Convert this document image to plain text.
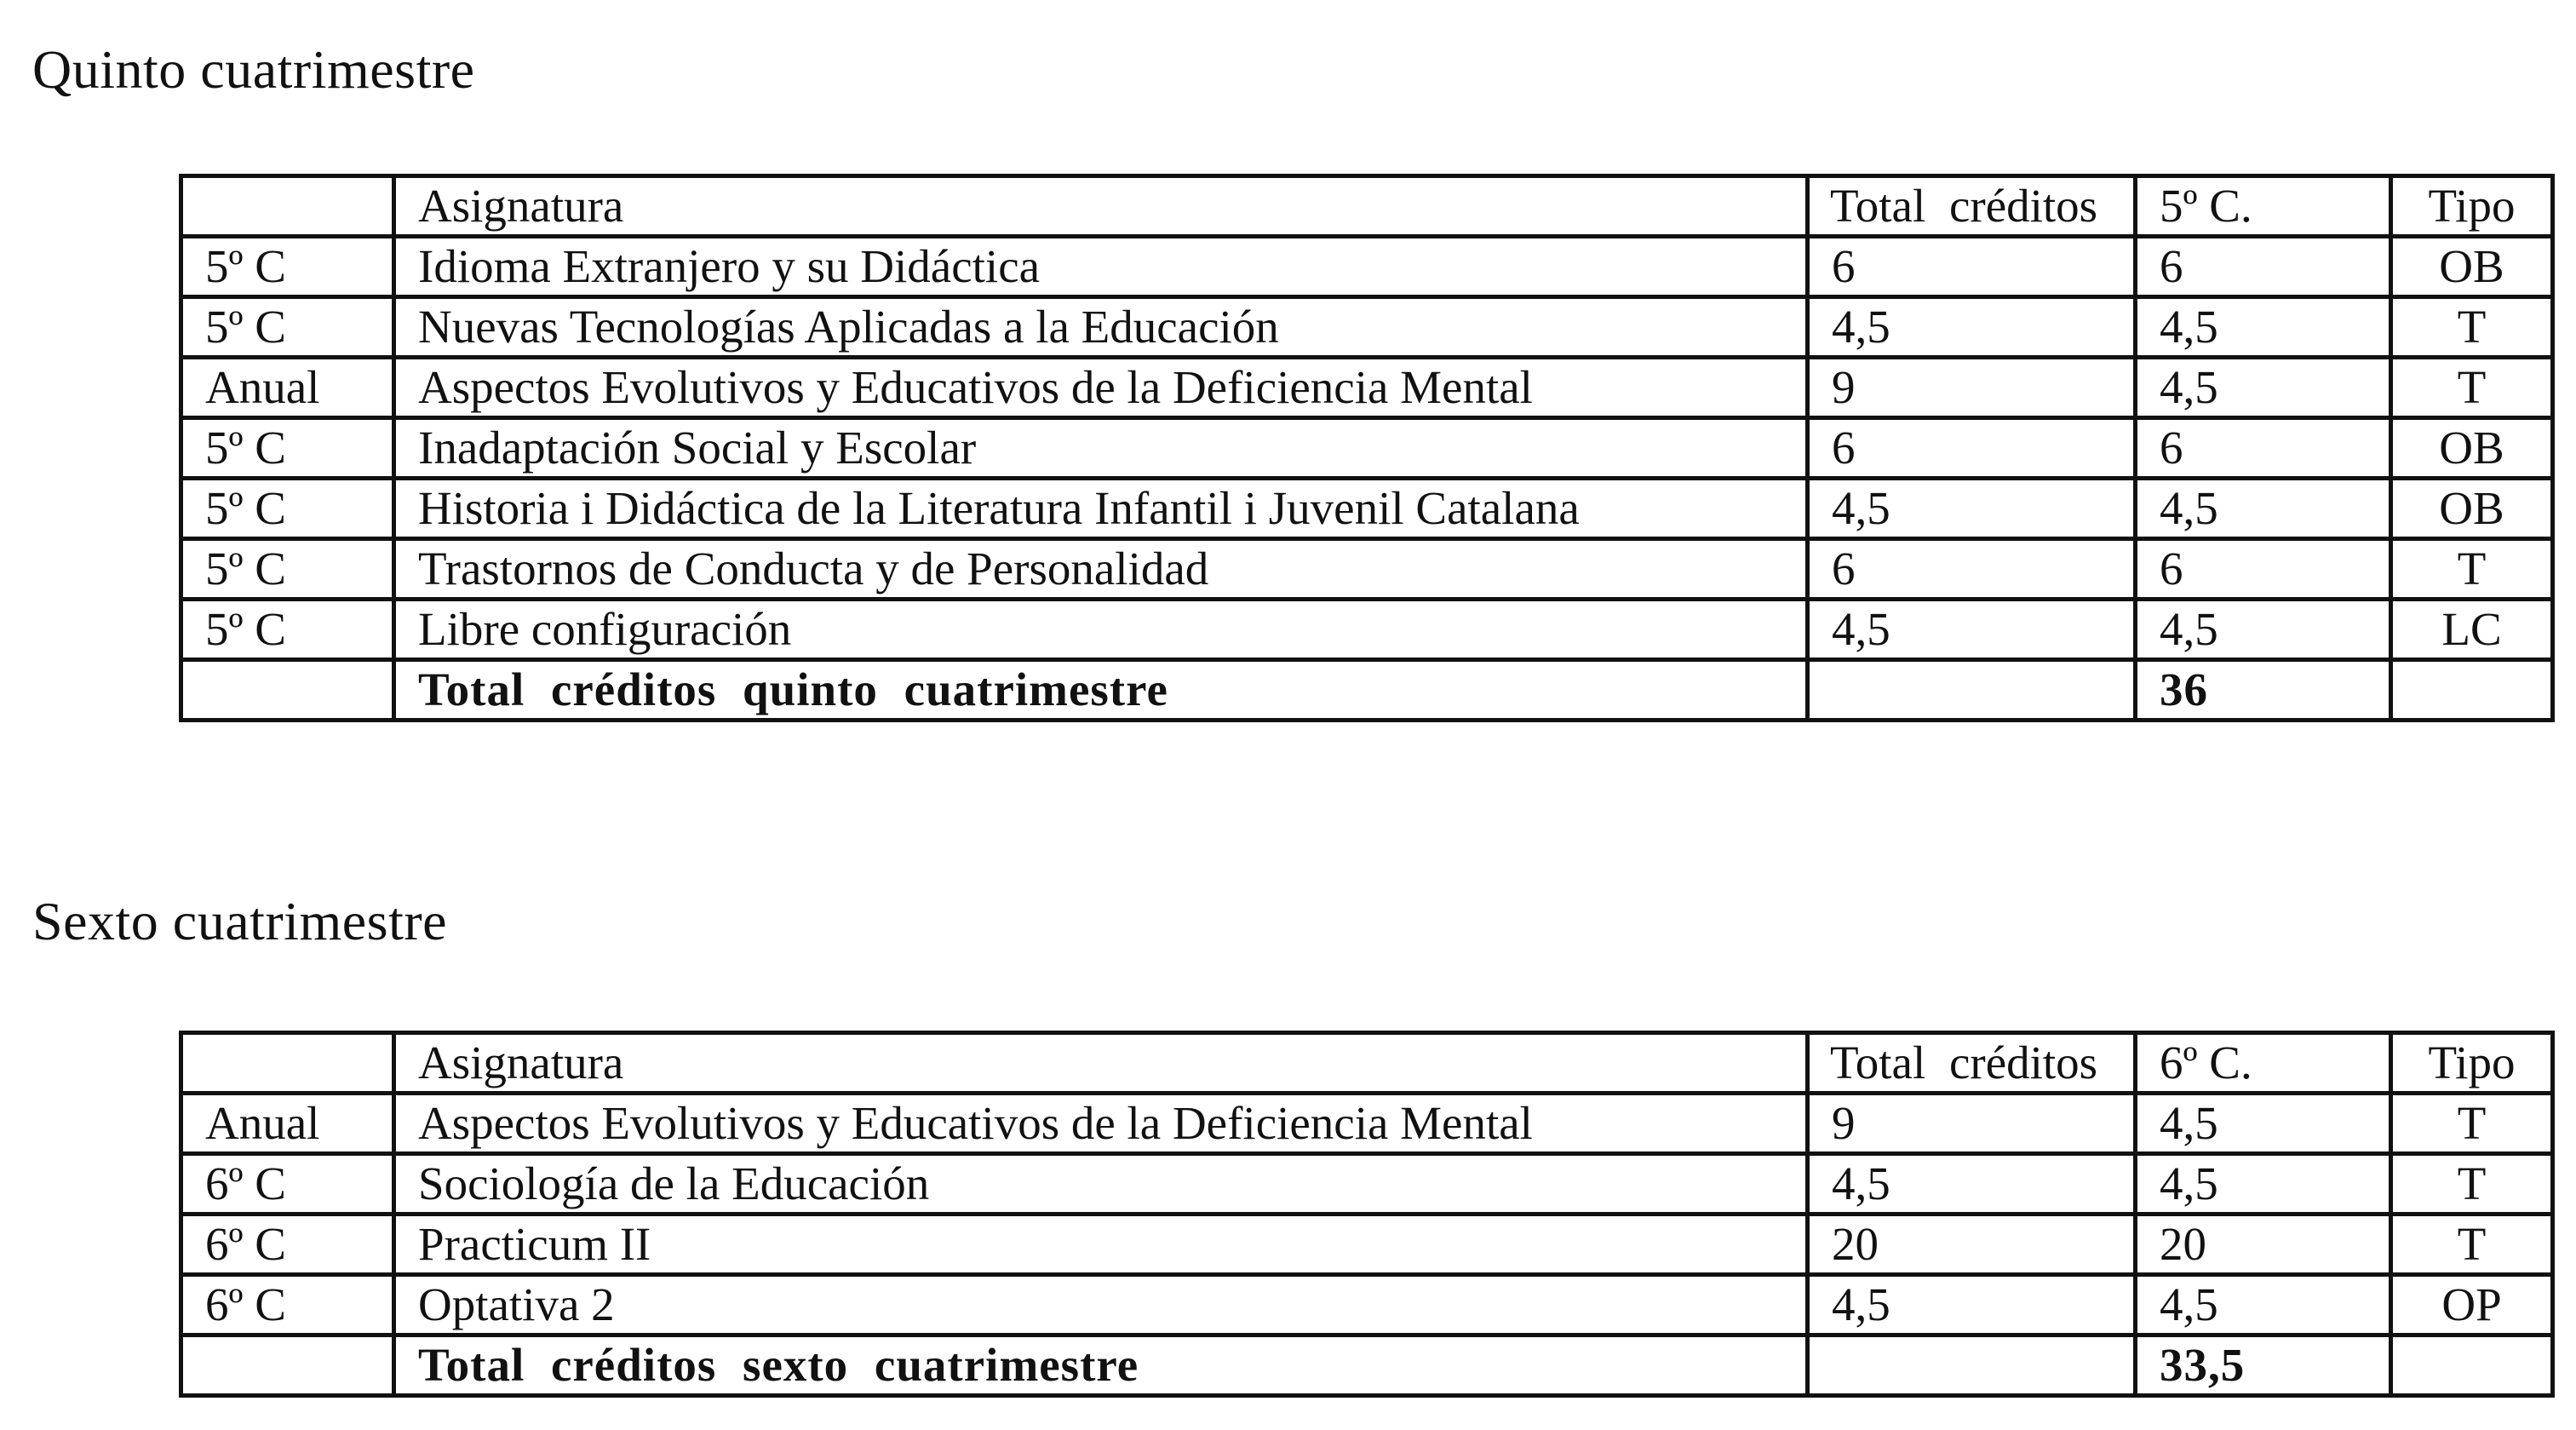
Quinto cuatrimestre
	Asignatura	Total créditos	5º C.	Tipo
5º C	Idioma Extranjero y su Didáctica	6	6	OB
5º C	Nuevas Tecnologías Aplicadas a la Educación	4,5	4,5	T
Anual	Aspectos Evolutivos y Educativos de la Deficiencia Mental	9	4,5	T
5º C	Inadaptación Social y Escolar	6	6	OB
5º C	Historia i Didáctica de la Literatura Infantil i Juvenil Catalana	4,5	4,5	OB
5º C	Trastornos de Conducta y de Personalidad	6	6	T
5º C	Libre configuración	4,5	4,5	LC
	Total créditos quinto cuatrimestre		36	
Sexto cuatrimestre
	Asignatura	Total créditos	6º C.	Tipo
Anual	Aspectos Evolutivos y Educativos de la Deficiencia Mental	9	4,5	T
6º C	Sociología de la Educación	4,5	4,5	T
6º C	Practicum II	20	20	T
6º C	Optativa 2	4,5	4,5	OP
	Total créditos sexto cuatrimestre		33,5	
